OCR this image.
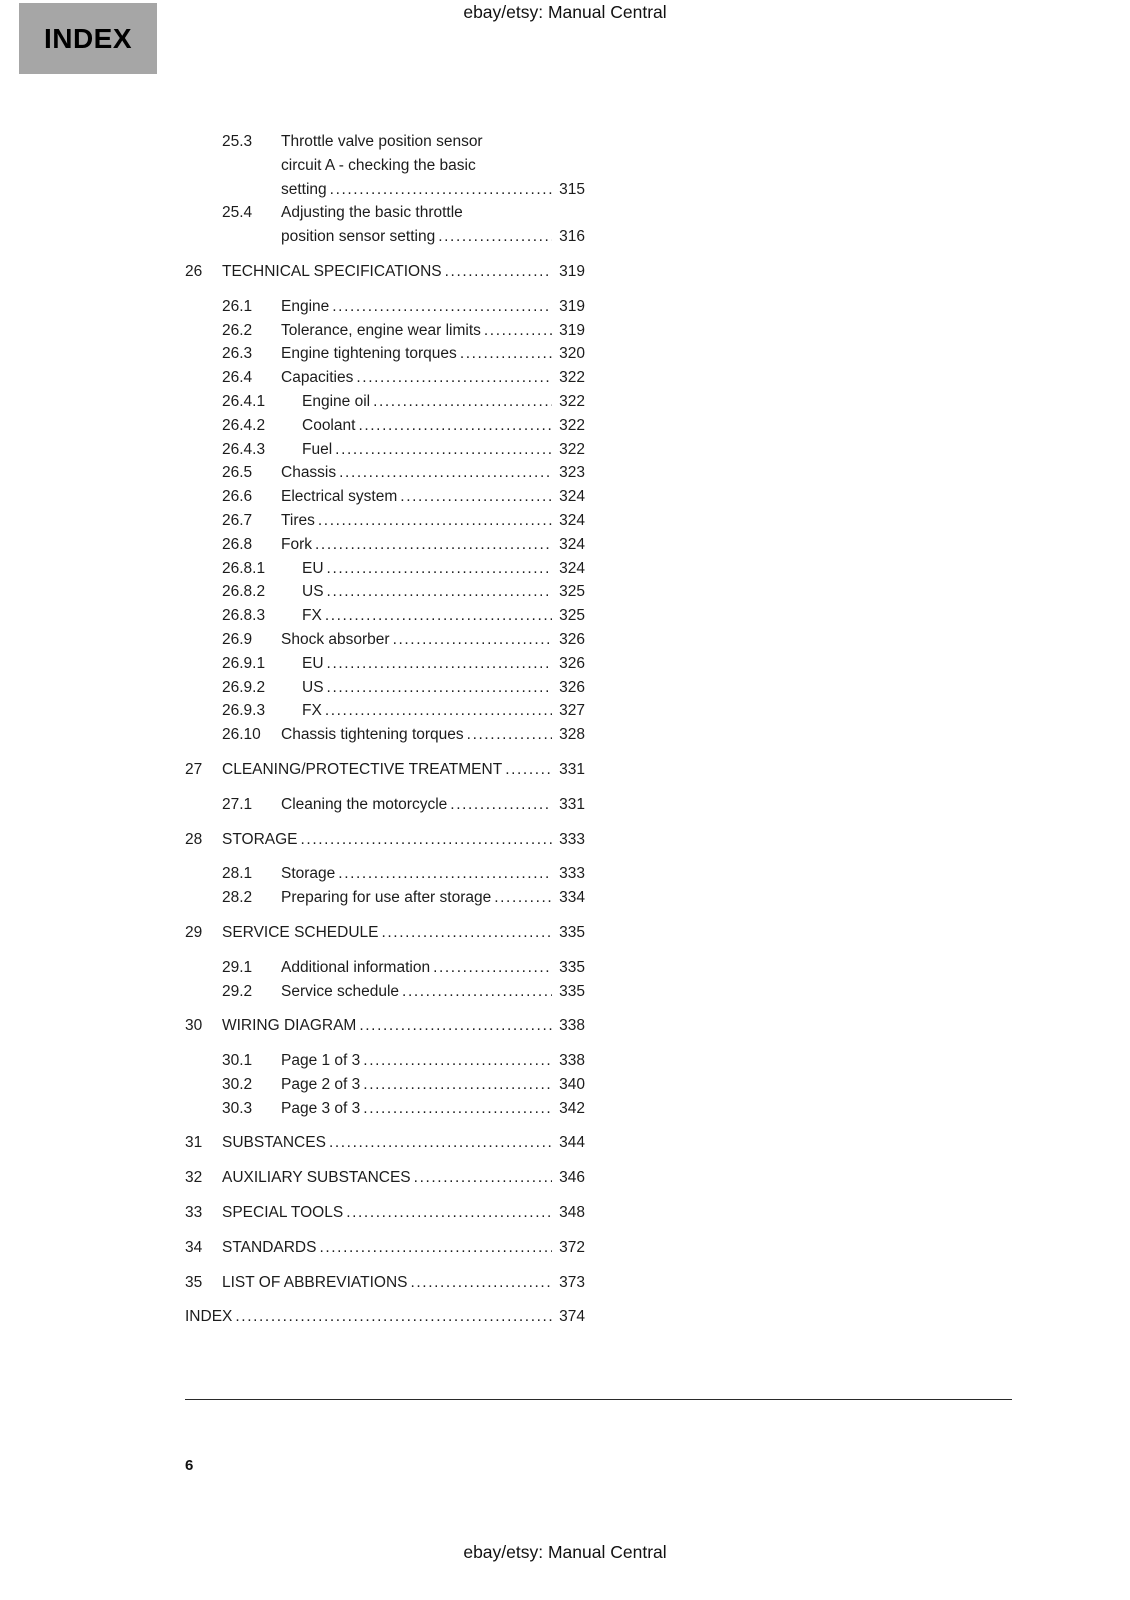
ebay/etsy: Manual Central
INDEX
25.3	Throttle valve position sensor
circuit A - checking the basic
setting .....	315
25.4	Adjusting the basic throttle
position sensor setting .....	316
26	TECHNICAL SPECIFICATIONS .....	319
26.1	Engine .....	319
26.2	Tolerance, engine wear limits .....	319
26.3	Engine tightening torques .....	320
26.4	Capacities .....	322
26.4.1	Engine oil .....	322
26.4.2	Coolant .....	322
26.4.3	Fuel .....	322
26.5	Chassis .....	323
26.6	Electrical system .....	324
26.7	Tires .....	324
26.8	Fork .....	324
26.8.1	EU .....	324
26.8.2	US .....	325
26.8.3	FX .....	325
26.9	Shock absorber .....	326
26.9.1	EU .....	326
26.9.2	US .....	326
26.9.3	FX .....	327
26.10	Chassis tightening torques .....	328
27	CLEANING/PROTECTIVE TREATMENT .....	331
27.1	Cleaning the motorcycle .....	331
28	STORAGE .....	333
28.1	Storage .....	333
28.2	Preparing for use after storage .....	334
29	SERVICE SCHEDULE .....	335
29.1	Additional information .....	335
29.2	Service schedule .....	335
30	WIRING DIAGRAM .....	338
30.1	Page 1 of 3 .....	338
30.2	Page 2 of 3 .....	340
30.3	Page 3 of 3 .....	342
31	SUBSTANCES .....	344
32	AUXILIARY SUBSTANCES .....	346
33	SPECIAL TOOLS .....	348
34	STANDARDS .....	372
35	LIST OF ABBREVIATIONS .....	373
INDEX .....	374
6
ebay/etsy: Manual Central
